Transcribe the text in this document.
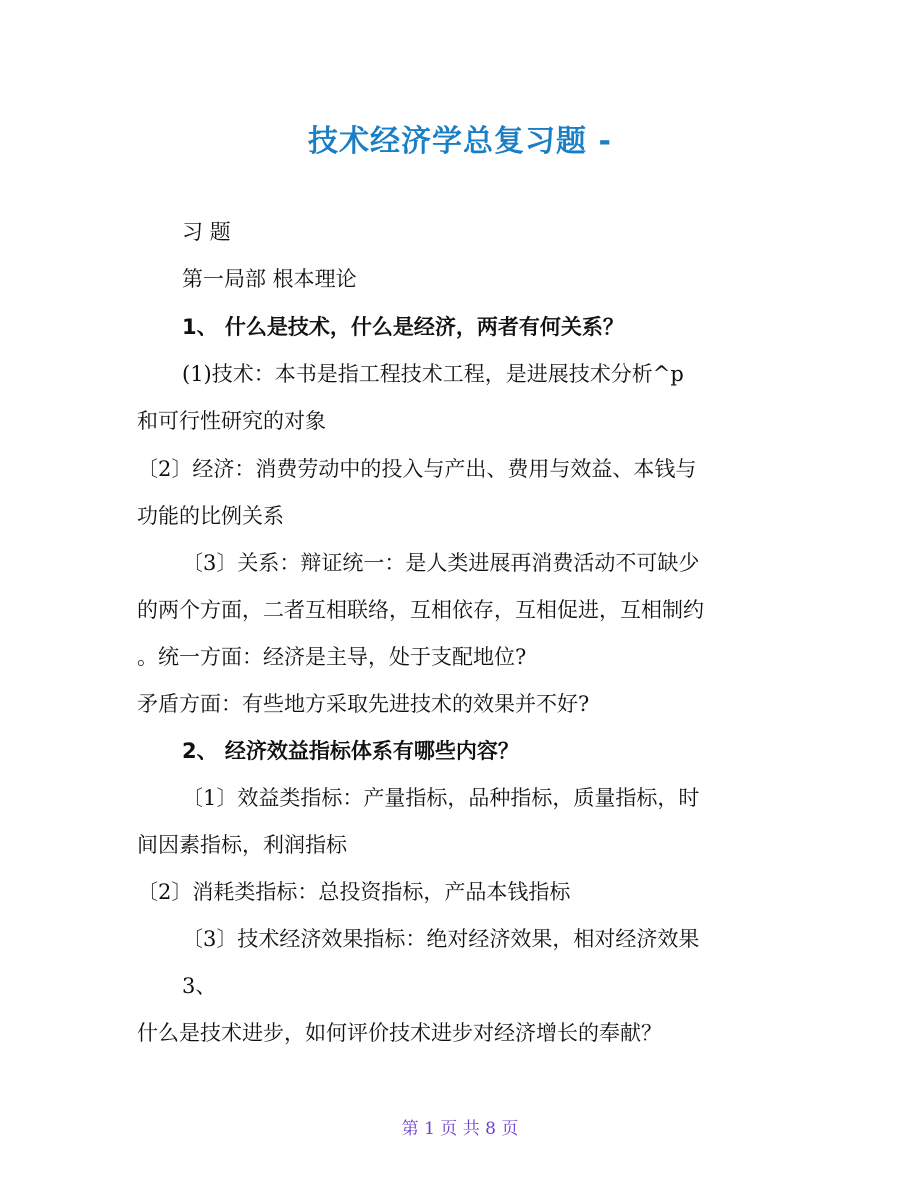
技术经济学总复习题 -
习 题
第一局部 根本理论
1、 什么是技术，什么是经济，两者有何关系？
(1)技术：本书是指工程技术工程，是进展技术分析^p
和可行性研究的对象
〔2〕经济：消费劳动中的投入与产出、费用与效益、本钱与
功能的比例关系
〔3〕关系：辩证统一：是人类进展再消费活动不可缺少
的两个方面，二者互相联络，互相依存，互相促进，互相制约
。统一方面：经济是主导，处于支配地位?
矛盾方面：有些地方采取先进技术的效果并不好?
2、 经济效益指标体系有哪些内容？
〔1〕效益类指标：产量指标，品种指标，质量指标，时
间因素指标，利润指标
〔2〕消耗类指标：总投资指标，产品本钱指标
〔3〕技术经济效果指标：绝对经济效果，相对经济效果
3、
什么是技术进步，如何评价技术进步对经济增长的奉献？
第 1 页 共 8 页
